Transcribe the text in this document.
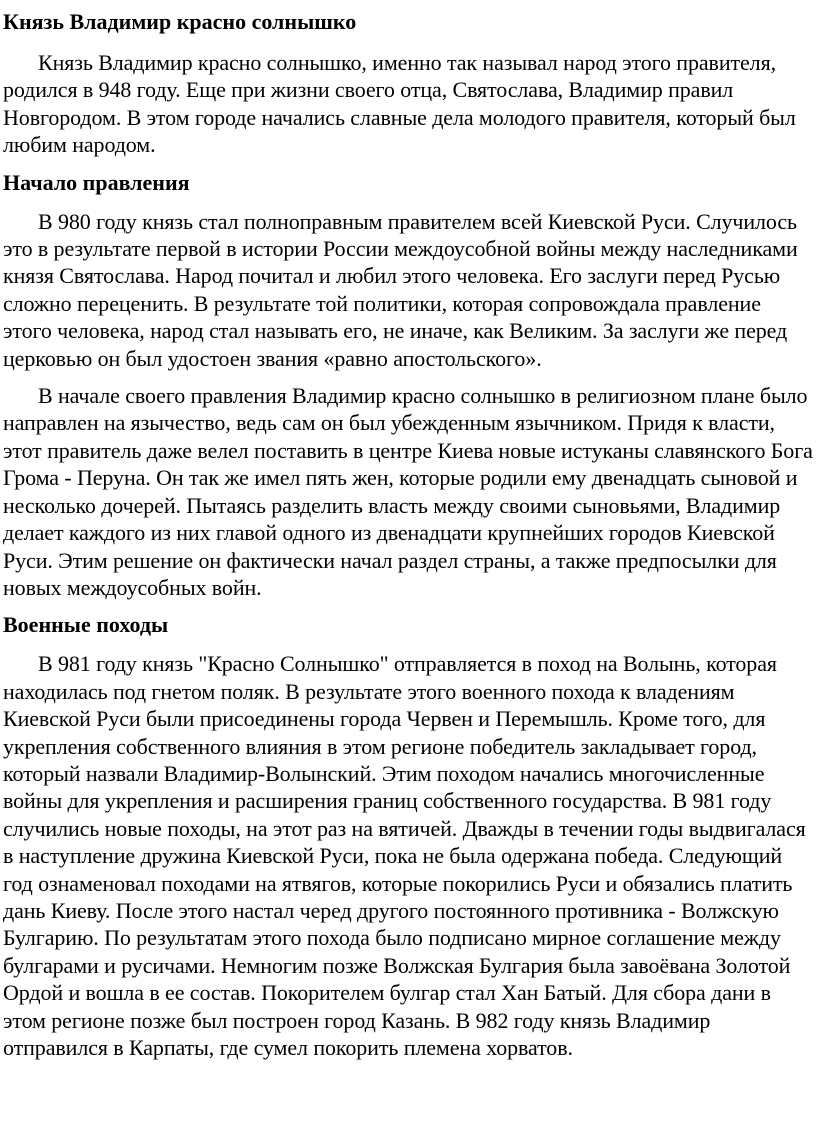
Князь Владимир красно солнышко

Князь Владимир красно солнышко, именно так называл народ этого правителя, родился в 948 году. Еще при жизни своего отца, Святослава, Владимир правил Новгородом. В этом городе начались славные дела молодого правителя, который был любим народом.

Начало правления

В 980 году князь стал полноправным правителем всей Киевской Руси. Случилось это в результате первой в истории России междоусобной войны между наследниками князя Святослава. Народ почитал и любил этого человека. Его заслуги перед Русью сложно переценить. В результате той политики, которая сопровождала правление этого человека, народ стал называть его, не иначе, как Великим. За заслуги же перед церковью он был удостоен звания «равно апостольского».

В начале своего правления Владимир красно солнышко в религиозном плане было направлен на язычество, ведь сам он был убежденным язычником. Придя к власти, этот правитель даже велел поставить в центре Киева новые истуканы славянского Бога Грома - Перуна. Он так же имел пять жен, которые родили ему двенадцать сыновой и несколько дочерей. Пытаясь разделить власть между своими сыновьями, Владимир делает каждого из них главой одного из двенадцати крупнейших городов Киевской Руси. Этим решение он фактически начал раздел страны, а также предпосылки для новых междоусобных войн.

Военные походы

В 981 году князь "Красно Солнышко" отправляется в поход на Волынь, которая находилась под гнетом поляк. В результате этого военного похода к владениям Киевской Руси были присоединены города Червен и Перемышль. Кроме того, для укрепления собственного влияния в этом регионе победитель закладывает город, который назвали Владимир-Волынский. Этим походом начались многочисленные войны для укрепления и расширения границ собственного государства. В 981 году случились новые походы, на этот раз на вятичей. Дважды в течении годы выдвигалася в наступление дружина Киевской Руси, пока не была одержана победа. Следующий год ознаменовал походами на ятвягов, которые покорились Руси и обязались платить дань Киеву. После этого настал черед другого постоянного противника - Волжскую Булгарию. По результатам этого похода было подписано мирное соглашение между булгарами и русичами. Немногим позже Волжская Булгария была завоёвана Золотой Ордой и вошла в ее состав. Покорителем булгар стал Хан Батый. Для сбора дани в этом регионе позже был построен город Казань. В 982 году князь Владимир отправился в Карпаты, где сумел покорить племена хорватов.
